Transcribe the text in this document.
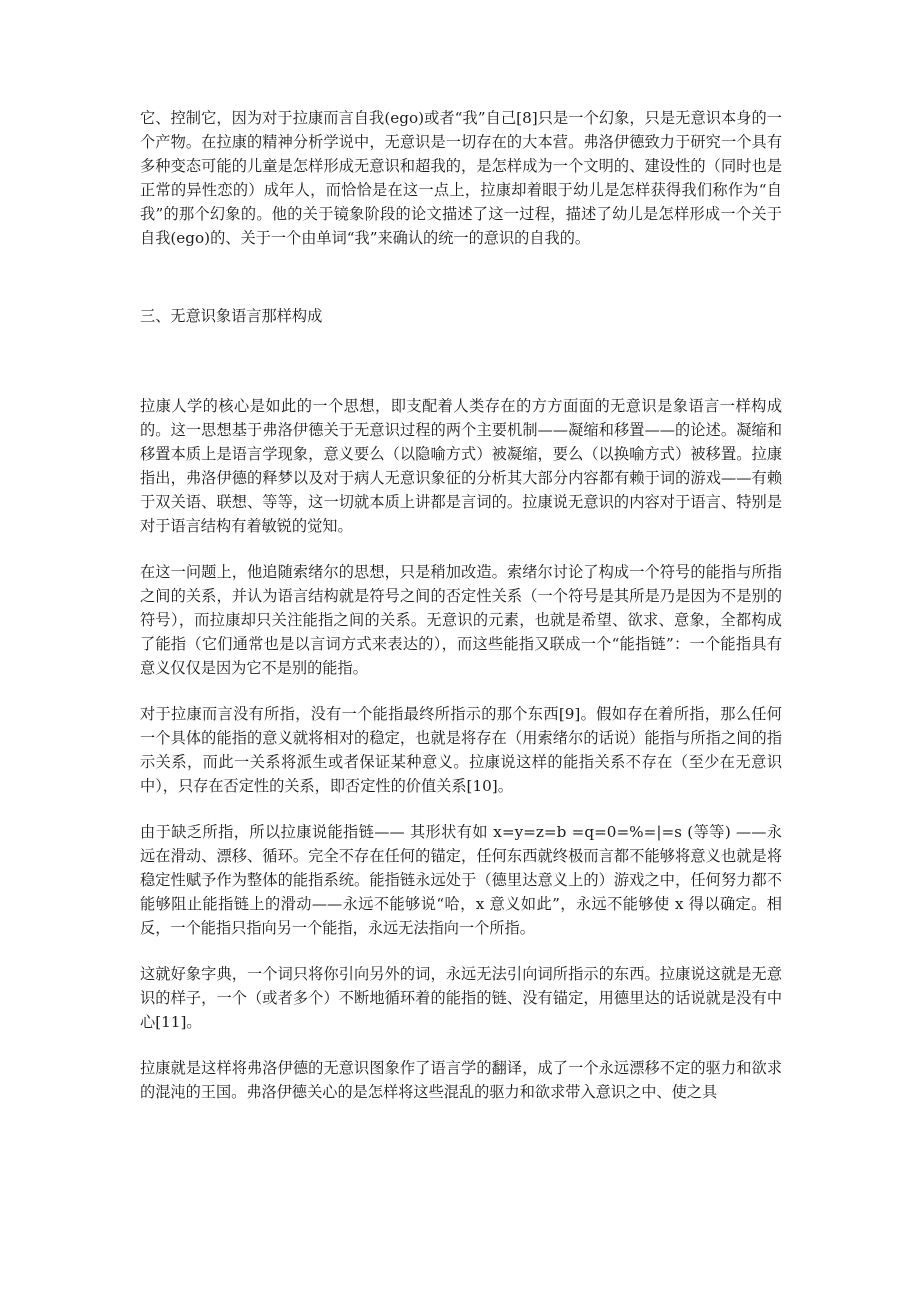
它、控制它，因为对于拉康而言自我(ego)或者“我”自己[8]只是一个幻象，只是无意识本身的一个产物。在拉康的精神分析学说中，无意识是一切存在的大本营。弗洛伊德致力于研究一个具有多种变态可能的儿童是怎样形成无意识和超我的，是怎样成为一个文明的、建设性的（同时也是正常的异性恋的）成年人，而恰恰是在这一点上，拉康却着眼于幼儿是怎样获得我们称作为“自我”的那个幻象的。他的关于镜象阶段的论文描述了这一过程，描述了幼儿是怎样形成一个关于自我(ego)的、关于一个由单词“我”来确认的统一的意识的自我的。

三、无意识象语言那样构成

拉康人学的核心是如此的一个思想，即支配着人类存在的方方面面的无意识是象语言一样构成的。这一思想基于弗洛伊德关于无意识过程的两个主要机制——凝缩和移置——的论述。凝缩和移置本质上是语言学现象，意义要么（以隐喻方式）被凝缩，要么（以换喻方式）被移置。拉康指出，弗洛伊德的释梦以及对于病人无意识象征的分析其大部分内容都有赖于词的游戏——有赖于双关语、联想、等等，这一切就本质上讲都是言词的。拉康说无意识的内容对于语言、特别是对于语言结构有着敏锐的觉知。

在这一问题上，他追随索绪尔的思想，只是稍加改造。索绪尔讨论了构成一个符号的能指与所指之间的关系，并认为语言结构就是符号之间的否定性关系（一个符号是其所是乃是因为不是别的符号），而拉康却只关注能指之间的关系。无意识的元素，也就是希望、欲求、意象，全都构成了能指（它们通常也是以言词方式来表达的），而这些能指又联成一个“能指链”：一个能指具有意义仅仅是因为它不是别的能指。

对于拉康而言没有所指，没有一个能指最终所指示的那个东西[9]。假如存在着所指，那么任何一个具体的能指的意义就将相对的稳定，也就是将存在（用索绪尔的话说）能指与所指之间的指示关系，而此一关系将派生或者保证某种意义。拉康说这样的能指关系不存在（至少在无意识中），只存在否定性的关系，即否定性的价值关系[10]。

由于缺乏所指，所以拉康说能指链—— 其形状有如 x=y=z=b =q=0=%=|=s (等等) ——永远在滑动、漂移、循环。完全不存在任何的锚定，任何东西就终极而言都不能够将意义也就是将稳定性赋予作为整体的能指系统。能指链永远处于（德里达意义上的）游戏之中，任何努力都不能够阻止能指链上的滑动——永远不能够说“哈，x 意义如此”，永远不能够使 x 得以确定。相反，一个能指只指向另一个能指，永远无法指向一个所指。

这就好象字典，一个词只将你引向另外的词，永远无法引向词所指示的东西。拉康说这就是无意识的样子，一个（或者多个）不断地循环着的能指的链、没有锚定，用德里达的话说就是没有中心[11]。

拉康就是这样将弗洛伊德的无意识图象作了语言学的翻译，成了一个永远漂移不定的驱力和欲求的混沌的王国。弗洛伊德关心的是怎样将这些混乱的驱力和欲求带入意识之中、使之具
